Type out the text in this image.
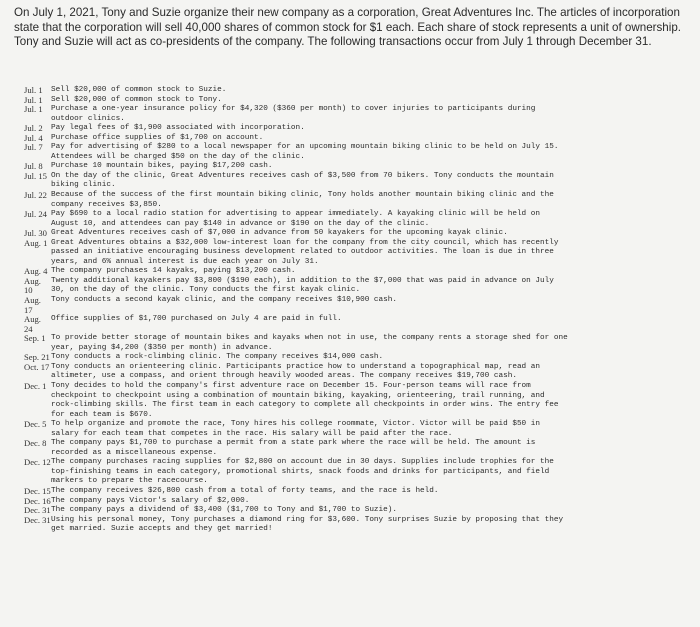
On July 1, 2021, Tony and Suzie organize their new company as a corporation, Great Adventures Inc. The articles of incorporation state that the corporation will sell 40,000 shares of common stock for $1 each. Each share of stock represents a unit of ownership. Tony and Suzie will act as co-presidents of the company. The following transactions occur from July 1 through December 31.
Jul. 1	Sell $20,000 of common stock to Suzie.
Jul. 1	Sell $20,000 of common stock to Tony.
Jul. 1	Purchase a one-year insurance policy for $4,320 ($360 per month) to cover injuries to participants during
outdoor clinics.
Jul. 2	Pay legal fees of $1,900 associated with incorporation.
Jul. 4	Purchase office supplies of $1,700 on account.
Jul. 7	Pay for advertising of $280 to a local newspaper for an upcoming mountain biking clinic to be held on July 15.
Attendees will be charged $50 on the day of the clinic.
Jul. 8	Purchase 10 mountain bikes, paying $17,200 cash.
Jul. 15 On the day of the clinic, Great Adventures receives cash of $3,500 from 70 bikers. Tony conducts the mountain
biking clinic.
Jul. 22 Because of the success of the first mountain biking clinic, Tony holds another mountain biking clinic and the
company receives $3,850.
Jul. 24 Pay $690 to a local radio station for advertising to appear immediately. A kayaking clinic will be held on
August 10, and attendees can pay $140 in advance or $190 on the day of the clinic.
Jul. 30 Great Adventures receives cash of $7,000 in advance from 50 kayakers for the upcoming kayak clinic.
Aug. 1 Great Adventures obtains a $32,000 low-interest loan for the company from the city council, which has recently
passed an initiative encouraging business development related to outdoor activities. The loan is due in three
years, and 6% annual interest is due each year on July 31.
Aug. 4 The company purchases 14 kayaks, paying $13,200 cash.
Aug. 10
Twenty additional kayakers pay $3,800 ($190 each), in addition to the $7,000 that was paid in advance on July
30, on the day of the clinic. Tony conducts the first kayak clinic.
Aug. 17
Tony conducts a second kayak clinic, and the company receives $10,900 cash.
Aug. 24
Office supplies of $1,700 purchased on July 4 are paid in full.
Sep. 1 To provide better storage of mountain bikes and kayaks when not in use, the company rents a storage shed for one
year, paying $4,200 ($350 per month) in advance.
Sep. 21 Tony conducts a rock-climbing clinic. The company receives $14,000 cash.
Oct. 17 Tony conducts an orienteering clinic. Participants practice how to understand a topographical map, read an
altimeter, use a compass, and orient through heavily wooded areas. The company receives $19,700 cash.
Dec. 1 Tony decides to hold the company's first adventure race on December 15. Four-person teams will race from
checkpoint to checkpoint using a combination of mountain biking, kayaking, orienteering, trail running, and
rock-climbing skills. The first team in each category to complete all checkpoints in order wins. The entry fee
for each team is $670.
Dec. 5 To help organize and promote the race, Tony hires his college roommate, Victor. Victor will be paid $50 in
salary for each team that competes in the race. His salary will be paid after the race.
Dec. 8 The company pays $1,700 to purchase a permit from a state park where the race will be held. The amount is
recorded as a miscellaneous expense.
Dec. 12 The company purchases racing supplies for $2,800 on account due in 30 days. Supplies include trophies for the
top-finishing teams in each category, promotional shirts, snack foods and drinks for participants, and field
markers to prepare the racecourse.
Dec. 15 The company receives $26,800 cash from a total of forty teams, and the race is held.
Dec. 16 The company pays Victor's salary of $2,000.
Dec. 31 The company pays a dividend of $3,400 ($1,700 to Tony and $1,700 to Suzie).
Dec. 31 Using his personal money, Tony purchases a diamond ring for $3,600. Tony surprises Suzie by proposing that they
get married. Suzie accepts and they get married!
